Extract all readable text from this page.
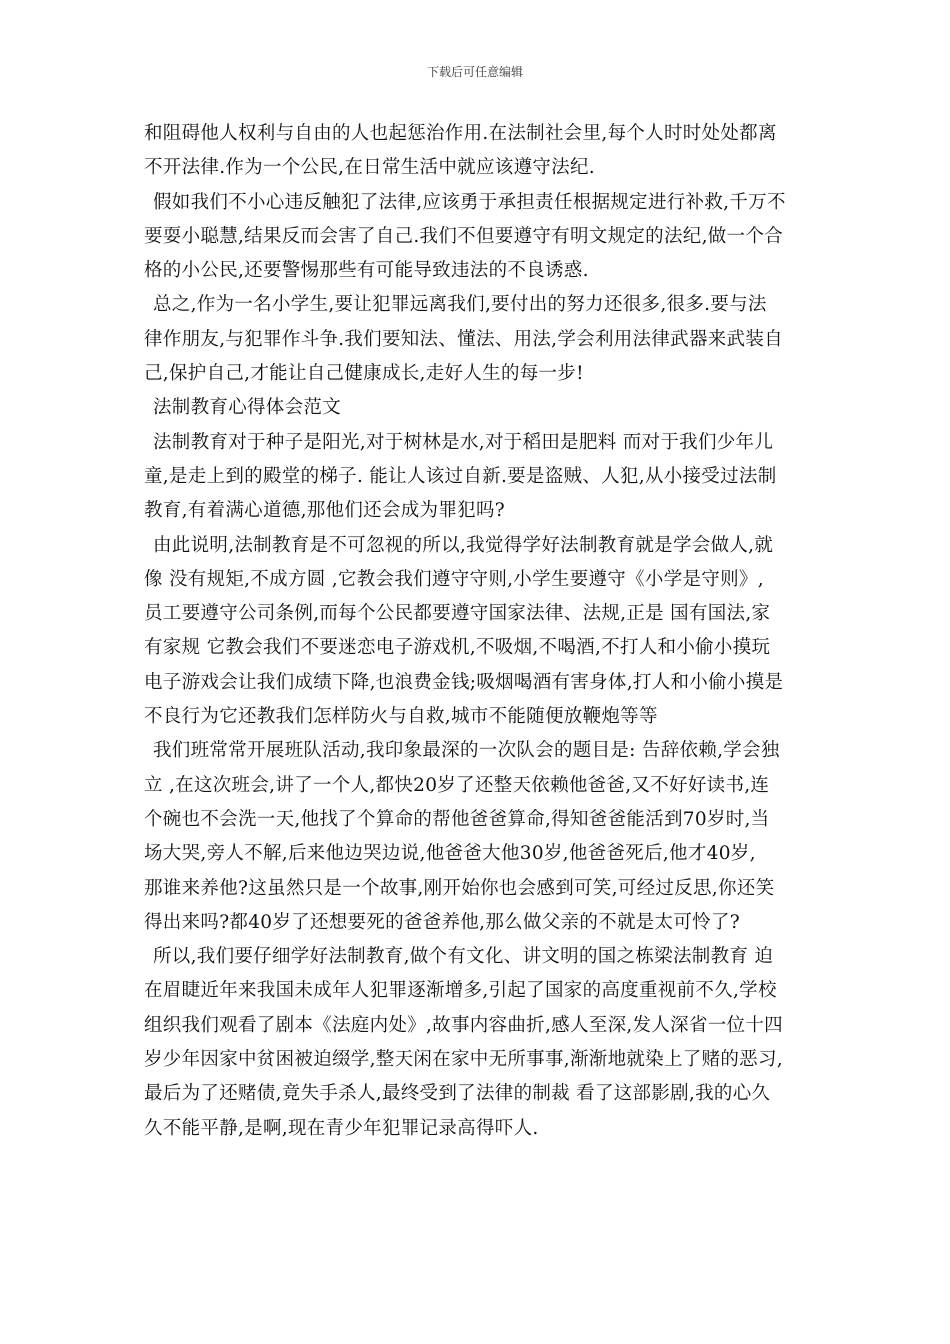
下载后可任意编辑
和阻碍他人权利与自由的人也起惩治作用.在法制社会里,每个人时时处处都离
不开法律.作为一个公民,在日常生活中就应该遵守法纪.
假如我们不小心违反触犯了法律,应该勇于承担责任根据规定进行补救,千万不
要耍小聪慧,结果反而会害了自己.我们不但要遵守有明文规定的法纪,做一个合
格的小公民,还要警惕那些有可能导致违法的不良诱惑.
总之,作为一名小学生,要让犯罪远离我们,要付出的努力还很多,很多.要与法
律作朋友,与犯罪作斗争.我们要知法、懂法、用法,学会利用法律武器来武装自
己,保护自己,才能让自己健康成长,走好人生的每一步!
法制教育心得体会范文
法制教育对于种子是阳光,对于树林是水,对于稻田是肥料 而对于我们少年儿
童,是走上到的殿堂的梯子. 能让人该过自新.要是盗贼、人犯,从小接受过法制
教育,有着满心道德,那他们还会成为罪犯吗?
由此说明,法制教育是不可忽视的所以,我觉得学好法制教育就是学会做人,就
像 没有规矩,不成方圆 ,它教会我们遵守守则,小学生要遵守《小学是守则》,
员工要遵守公司条例,而每个公民都要遵守国家法律、法规,正是 国有国法,家
有家规 它教会我们不要迷恋电子游戏机,不吸烟,不喝酒,不打人和小偷小摸玩
电子游戏会让我们成绩下降,也浪费金钱;吸烟喝酒有害身体,打人和小偷小摸是
不良行为它还教我们怎样防火与自救,城市不能随便放鞭炮等等
我们班常常开展班队活动,我印象最深的一次队会的题目是: 告辞依赖,学会独
立 ,在这次班会,讲了一个人,都快20岁了还整天依赖他爸爸,又不好好读书,连
个碗也不会洗一天,他找了个算命的帮他爸爸算命,得知爸爸能活到70岁时,当
场大哭,旁人不解,后来他边哭边说,他爸爸大他30岁,他爸爸死后,他才40岁,
那谁来养他?这虽然只是一个故事,刚开始你也会感到可笑,可经过反思,你还笑
得出来吗?都40岁了还想要死的爸爸养他,那么做父亲的不就是太可怜了?
所以,我们要仔细学好法制教育,做个有文化、讲文明的国之栋梁法制教育 迫
在眉睫近年来我国未成年人犯罪逐渐增多,引起了国家的高度重视前不久,学校
组织我们观看了剧本《法庭内处》,故事内容曲折,感人至深,发人深省一位十四
岁少年因家中贫困被迫缀学,整天闲在家中无所事事,渐渐地就染上了赌的恶习,
最后为了还赌债,竟失手杀人,最终受到了法律的制裁 看了这部影剧,我的心久
久不能平静,是啊,现在青少年犯罪记录高得吓人.
